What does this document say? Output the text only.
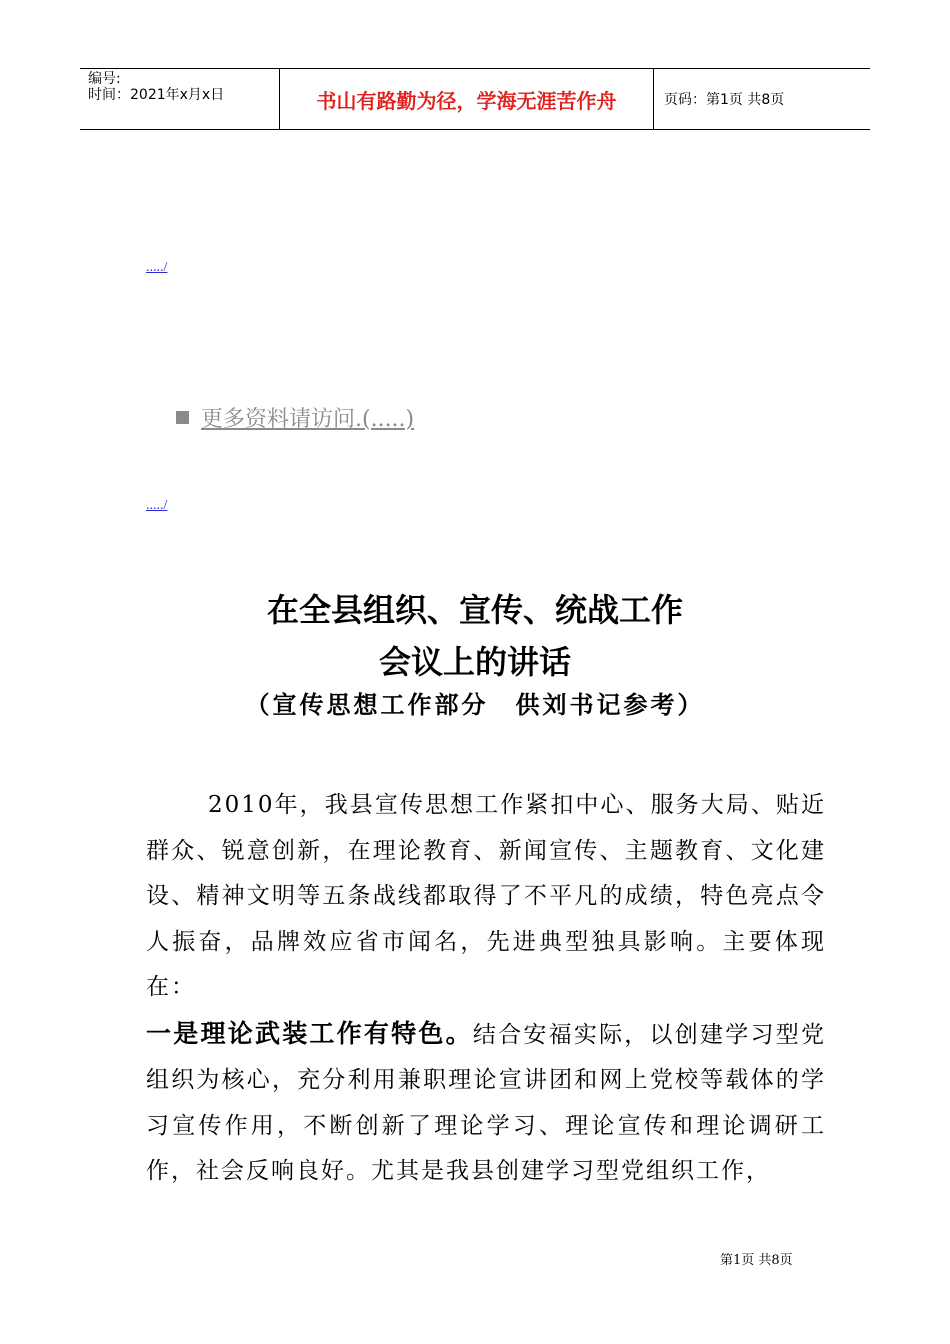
编号:
时间：2021年x月x日	书山有路勤为径，学海无涯苦作舟	页码：第1页 共8页
...../
更多资料请访问.(.....)
...../
在全县组织、宣传、统战工作
会议上的讲话
（宣传思想工作部分　供刘书记参考）

2010年，我县宣传思想工作紧扣中心、服务大局、贴近群众、锐意创新，在理论教育、新闻宣传、主题教育、文化建设、精神文明等五条战线都取得了不平凡的成绩，特色亮点令人振奋，品牌效应省市闻名，先进典型独具影响。主要体现在：

一是理论武装工作有特色。结合安福实际，以创建学习型党组织为核心，充分利用兼职理论宣讲团和网上党校等载体的学习宣传作用，不断创新了理论学习、理论宣传和理论调研工作，社会反响良好。尤其是我县创建学习型党组织工作，

第1页 共8页
